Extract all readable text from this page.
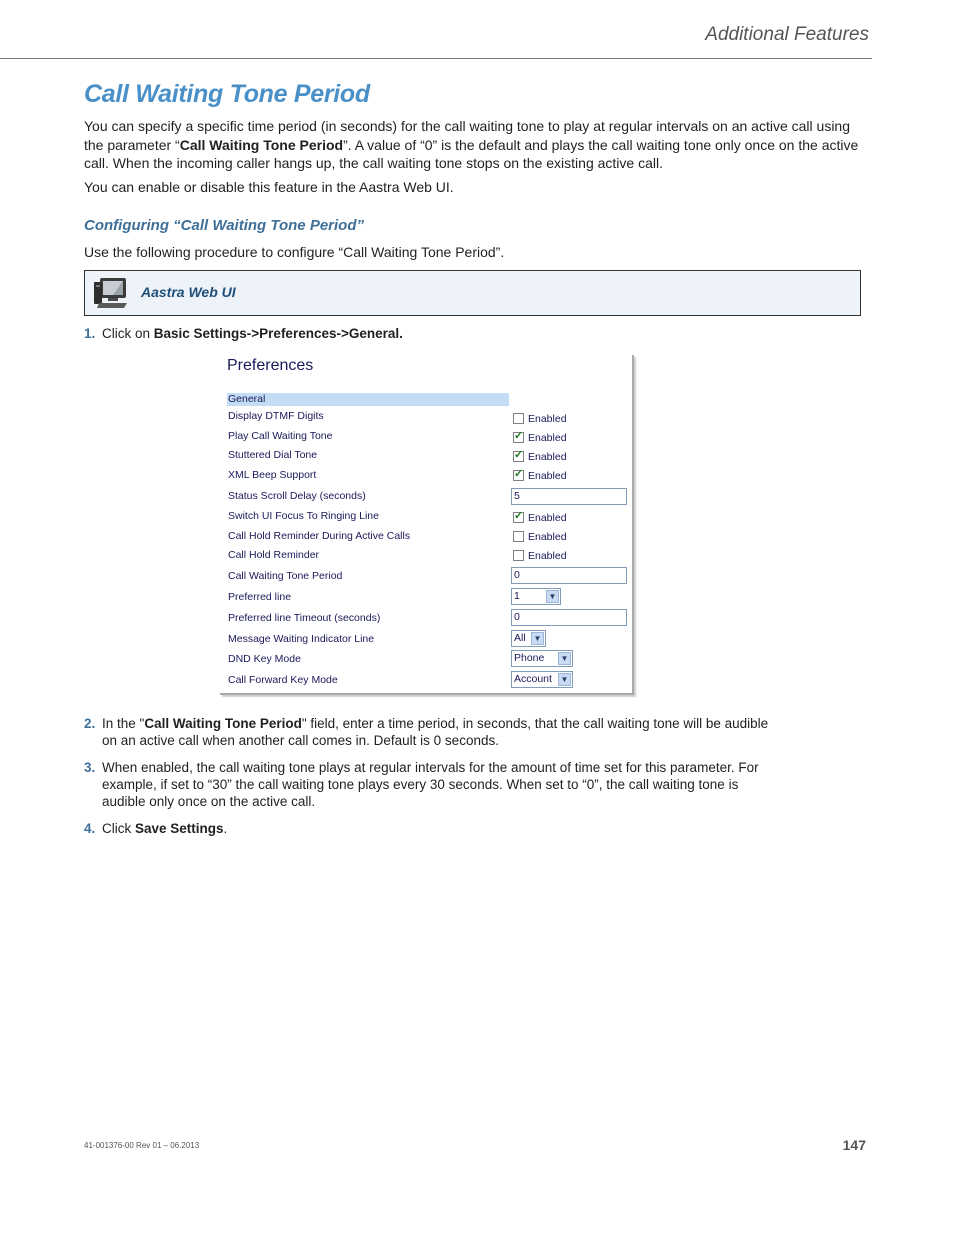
Additional Features
Call Waiting Tone Period
You can specify a specific time period (in seconds) for the call waiting tone to play at regular intervals on an active call using the parameter “Call Waiting Tone Period”. A value of “0” is the default and plays the call waiting tone only once on the active call. When the incoming caller hangs up, the call waiting tone stops on the existing active call.
You can enable or disable this feature in the Aastra Web UI.
Configuring “Call Waiting Tone Period”
Use the following procedure to configure “Call Waiting Tone Period”.
Aastra Web UI
1. Click on Basic Settings->Preferences->General.
Preferences
General
Display DTMF Digits	Enabled
Play Call Waiting Tone	✓ Enabled
Stuttered Dial Tone	✓ Enabled
XML Beep Support	✓ Enabled
Status Scroll Delay (seconds)	5
Switch UI Focus To Ringing Line	✓ Enabled
Call Hold Reminder During Active Calls	Enabled
Call Hold Reminder	Enabled
Call Waiting Tone Period	0
Preferred line	1	▼
Preferred line Timeout (seconds)	0
Message Waiting Indicator Line	All ▼
DND Key Mode	Phone	▼
Call Forward Key Mode	Account	▼
2. In the "Call Waiting Tone Period" field, enter a time period, in seconds, that the call waiting tone will be audible on an active call when another call comes in. Default is 0 seconds.
3. When enabled, the call waiting tone plays at regular intervals for the amount of time set for this parameter. For example, if set to “30” the call waiting tone plays every 30 seconds. When set to “0”, the call waiting tone is audible only once on the active call.
4. Click Save Settings.
41-001376-00 Rev 01 – 06.2013	147
